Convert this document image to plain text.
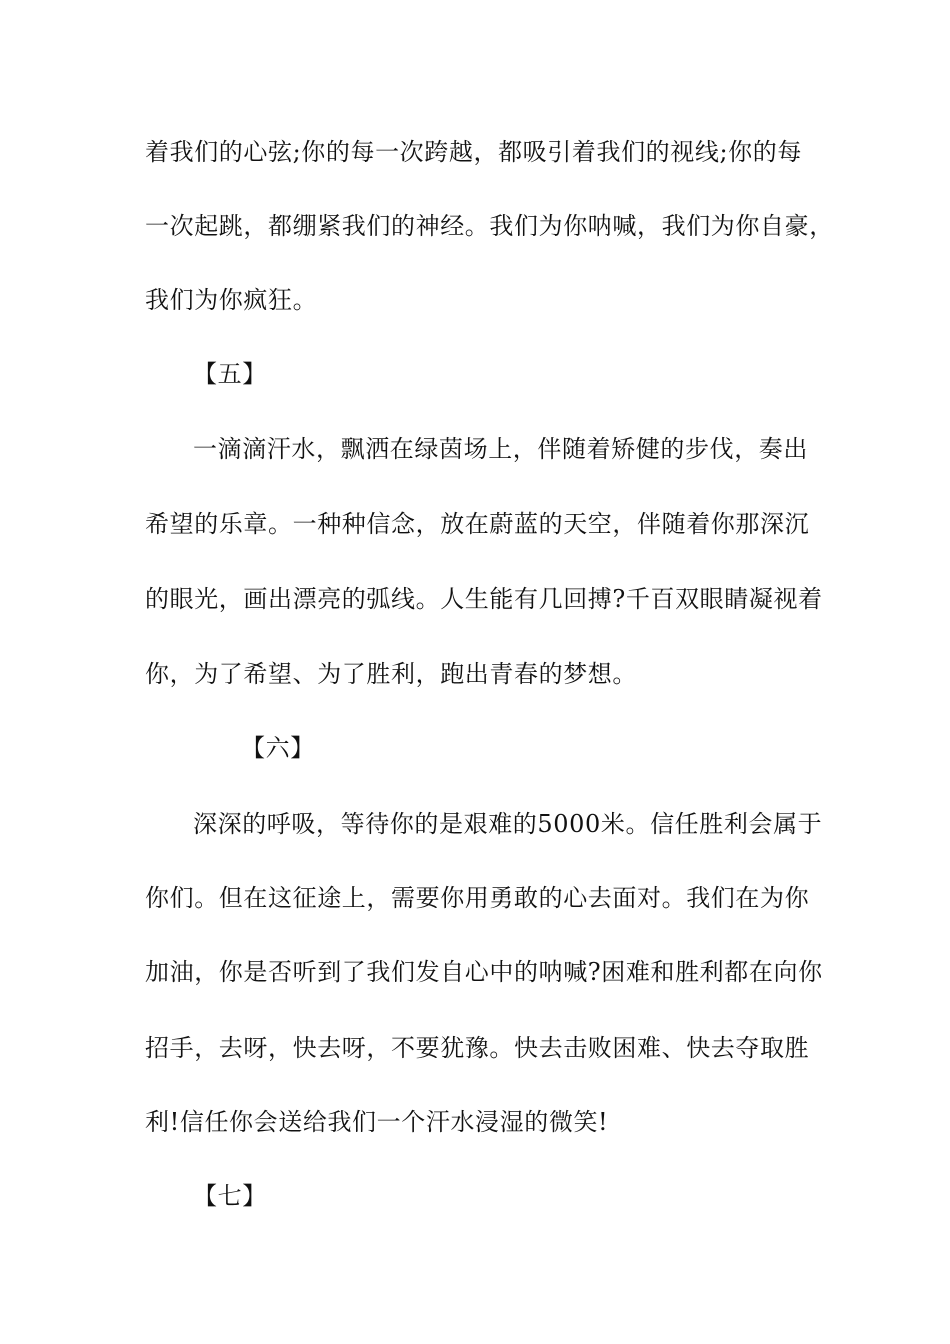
着我们的心弦;你的每一次跨越，都吸引着我们的视线;你的每
一次起跳，都绷紧我们的神经。我们为你呐喊，我们为你自豪，
我们为你疯狂。
【五】
一滴滴汗水，飘洒在绿茵场上，伴随着矫健的步伐，奏出
希望的乐章。一种种信念，放在蔚蓝的天空，伴随着你那深沉
的眼光，画出漂亮的弧线。人生能有几回搏?千百双眼睛凝视着
你，为了希望、为了胜利，跑出青春的梦想。
【六】
深深的呼吸，等待你的是艰难的5000米。信任胜利会属于
你们。但在这征途上，需要你用勇敢的心去面对。我们在为你
加油，你是否听到了我们发自心中的呐喊?困难和胜利都在向你
招手，去呀，快去呀，不要犹豫。快去击败困难、快去夺取胜
利!信任你会送给我们一个汗水浸湿的微笑!
【七】
